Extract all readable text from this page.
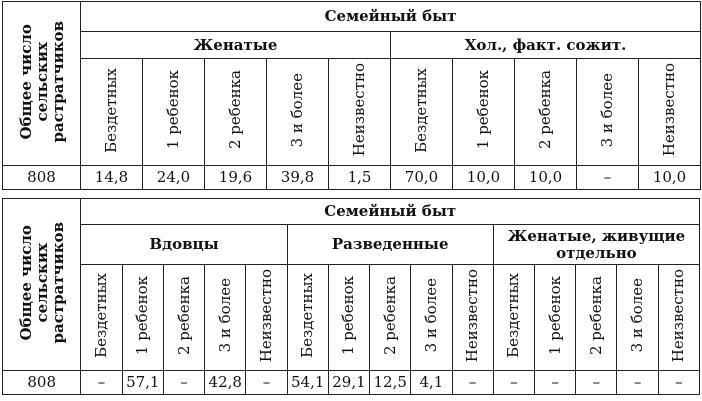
Общее число
сельских
растратчиков	Семейный быт									
	Женатые					Хол., факт. сожит.				
	Бездетных	1 ребенок	2 ребенка	3 и более	Неизвестно	Бездетных	1 ребенок	2 ребенка	3 и более	Неизвестно
808	14,8	24,0	19,6	39,8	1,5	70,0	10,0	10,0	–	10,0
Общее число
сельских
растратчиков	Семейный быт														
	Вдовцы					Разведенные					Женатые, живущие отдельно				
	Бездетных	1 ребенок	2 ребенка	3 и более	Неизвестно	Бездетных	1 ребенок	2 ребенка	3 и более	Неизвестно	Бездетных	1 ребенок	2 ребенка	3 и более	Неизвестно
808	–	57,1	–	42,8	–	54,1	29,1	12,5	4,1	–	–	–	–	–	–
